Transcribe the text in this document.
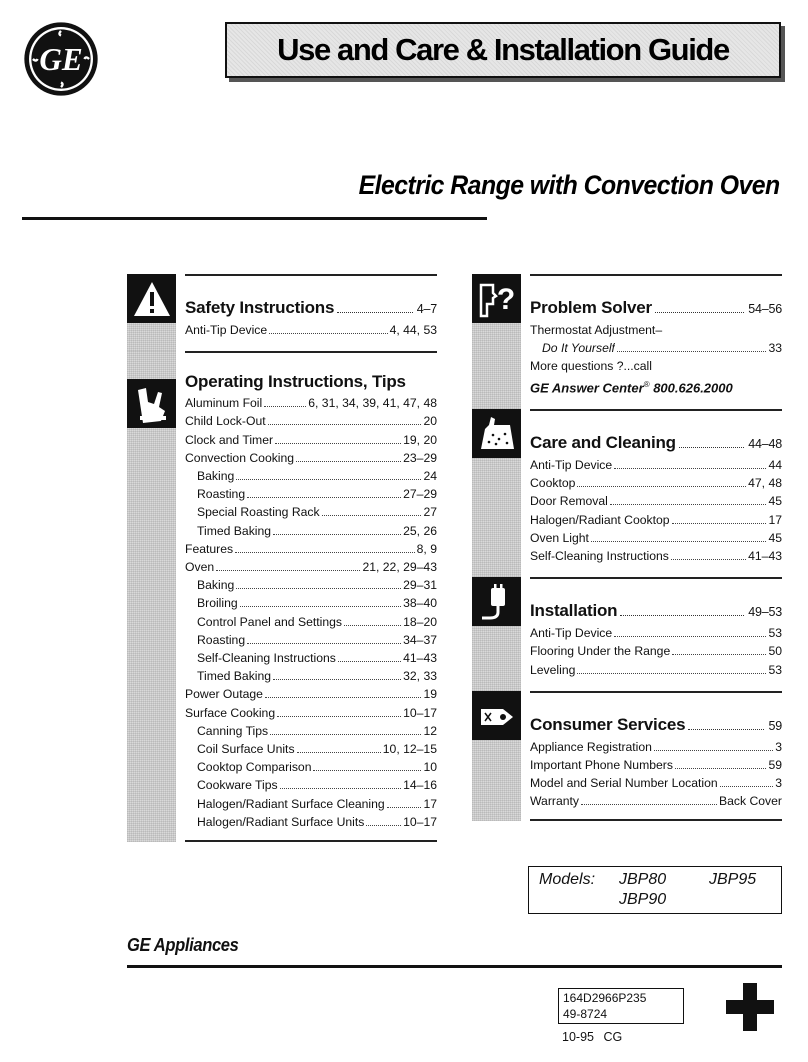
GE	Use and Care & Installation Guide
Electric Range with Convection Oven
Safety Instructions	4–7
Anti-Tip Device	4, 44, 53
Operating Instructions, Tips
Aluminum Foil	6, 31, 34, 39, 41, 47, 48
Child Lock-Out	20
Clock and Timer	19, 20
Convection Cooking	23–29
Baking	24
Roasting	27–29
Special Roasting Rack	27
Timed Baking	25, 26
Features	8, 9
Oven	21, 22, 29–43
Baking	29–31
Broiling	38–40
Control Panel and Settings	18–20
Roasting	34–37
Self-Cleaning Instructions	41–43
Timed Baking	32, 33
Power Outage	19
Surface Cooking	10–17
Canning Tips	12
Coil Surface Units	10, 12–15
Cooktop Comparison	10
Cookware Tips	14–16
Halogen/Radiant Surface Cleaning	17
Halogen/Radiant Surface Units	10–17
? Problem Solver	54–56
Thermostat Adjustment–
Do It Yourself	33
More questions ?...call
GE Answer Center® 800.626.2000
Care and Cleaning	44–48
Anti-Tip Device	44
Cooktop	47, 48
Door Removal	45
Halogen/Radiant Cooktop	17
Oven Light	45
Self-Cleaning Instructions	41–43
Installation	49–53
Anti-Tip Device	53
Flooring Under the Range	50
Leveling	53
Consumer Services	59
Appliance Registration	3
Important Phone Numbers	59
Model and Serial Number Location	3
Warranty	Back Cover
Models:	JBP80	JBP95
JBP90
GE Appliances
164D2966P235
49-8724
10-95 CG
